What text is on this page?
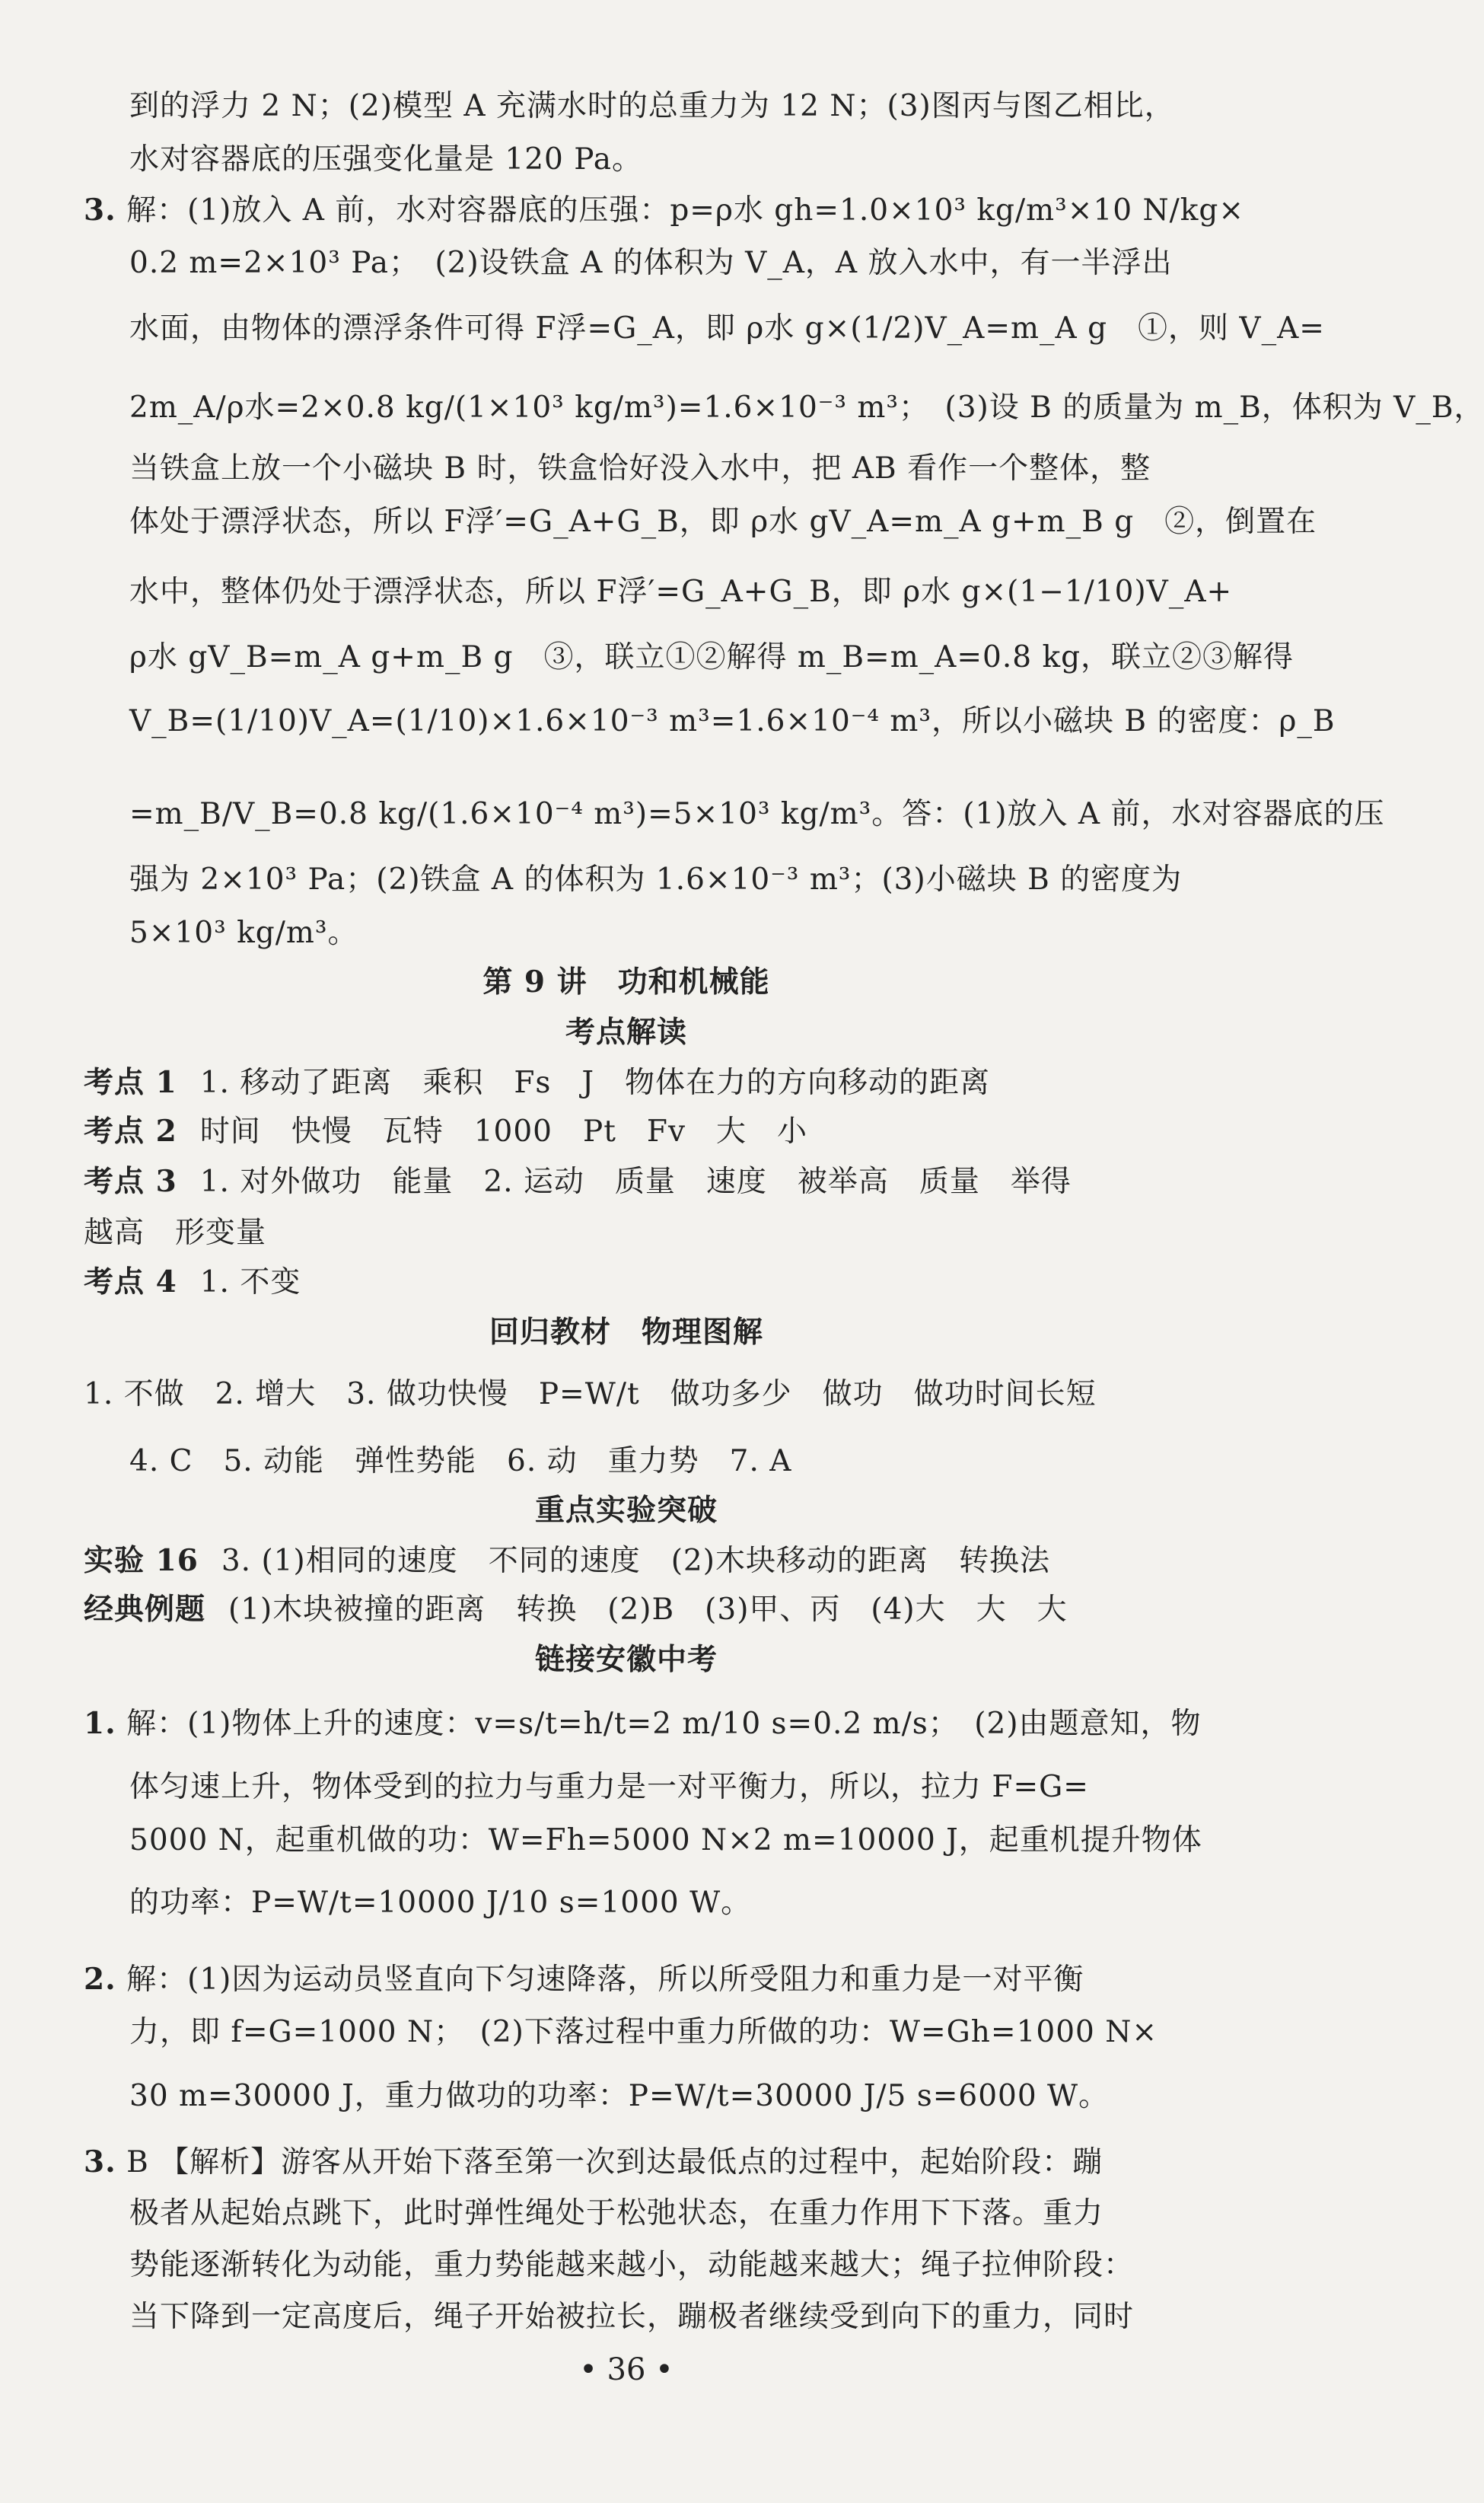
到的浮力 2 N；(2)模型 A 充满水时的总重力为 12 N；(3)图丙与图乙相比，
水对容器底的压强变化量是 120 Pa。
3. 解：(1)放入 A 前，水对容器底的压强：p=ρ水 gh=1.0×10³ kg/m³×10 N/kg×
0.2 m=2×10³ Pa；　(2)设铁盒 A 的体积为 V_A，A 放入水中，有一半浮出
水面，由物体的漂浮条件可得 F浮=G_A，即 ρ水 g×(1/2)V_A=m_A g　①，则 V_A=
2m_A/ρ水=2×0.8 kg/(1×10³ kg/m³)=1.6×10⁻³ m³；　(3)设 B 的质量为 m_B，体积为 V_B，
当铁盒上放一个小磁块 B 时，铁盒恰好没入水中，把 AB 看作一个整体，整
体处于漂浮状态，所以 F浮′=G_A+G_B，即 ρ水 gV_A=m_A g+m_B g　②，倒置在
水中，整体仍处于漂浮状态，所以 F浮′=G_A+G_B，即 ρ水 g×(1−1/10)V_A+
ρ水 gV_B=m_A g+m_B g　③，联立①②解得 m_B=m_A=0.8 kg，联立②③解得
V_B=(1/10)V_A=(1/10)×1.6×10⁻³ m³=1.6×10⁻⁴ m³，所以小磁块 B 的密度：ρ_B
=m_B/V_B=0.8 kg/(1.6×10⁻⁴ m³)=5×10³ kg/m³。答：(1)放入 A 前，水对容器底的压
强为 2×10³ Pa；(2)铁盒 A 的体积为 1.6×10⁻³ m³；(3)小磁块 B 的密度为
5×10³ kg/m³。
第 9 讲　功和机械能
考点解读
考点 1 1. 移动了距离　乘积　Fs　J　物体在力的方向移动的距离
考点 2 时间　快慢　瓦特　1000　Pt　Fv　大　小
考点 3 1. 对外做功　能量　2. 运动　质量　速度　被举高　质量　举得
越高　形变量
考点 4 1. 不变
回归教材　物理图解
1. 不做　2. 增大　3. 做功快慢　P=W/t　做功多少　做功　做功时间长短
4. C　5. 动能　弹性势能　6. 动　重力势　7. A
重点实验突破
实验 16 3. (1)相同的速度　不同的速度　(2)木块移动的距离　转换法
经典例题 (1)木块被撞的距离　转换　(2)B　(3)甲、丙　(4)大　大　大
链接安徽中考
1. 解：(1)物体上升的速度：v=s/t=h/t=2 m/10 s=0.2 m/s；　(2)由题意知，物
体匀速上升，物体受到的拉力与重力是一对平衡力，所以，拉力 F=G=
5000 N，起重机做的功：W=Fh=5000 N×2 m=10000 J，起重机提升物体
的功率：P=W/t=10000 J/10 s=1000 W。
2. 解：(1)因为运动员竖直向下匀速降落，所以所受阻力和重力是一对平衡
力，即 f=G=1000 N；　(2)下落过程中重力所做的功：W=Gh=1000 N×
30 m=30000 J，重力做功的功率：P=W/t=30000 J/5 s=6000 W。
3. B 【解析】游客从开始下落至第一次到达最低点的过程中，起始阶段：蹦
极者从起始点跳下，此时弹性绳处于松弛状态，在重力作用下下落。重力
势能逐渐转化为动能，重力势能越来越小，动能越来越大；绳子拉伸阶段：
当下降到一定高度后，绳子开始被拉长，蹦极者继续受到向下的重力，同时
• 36 •
